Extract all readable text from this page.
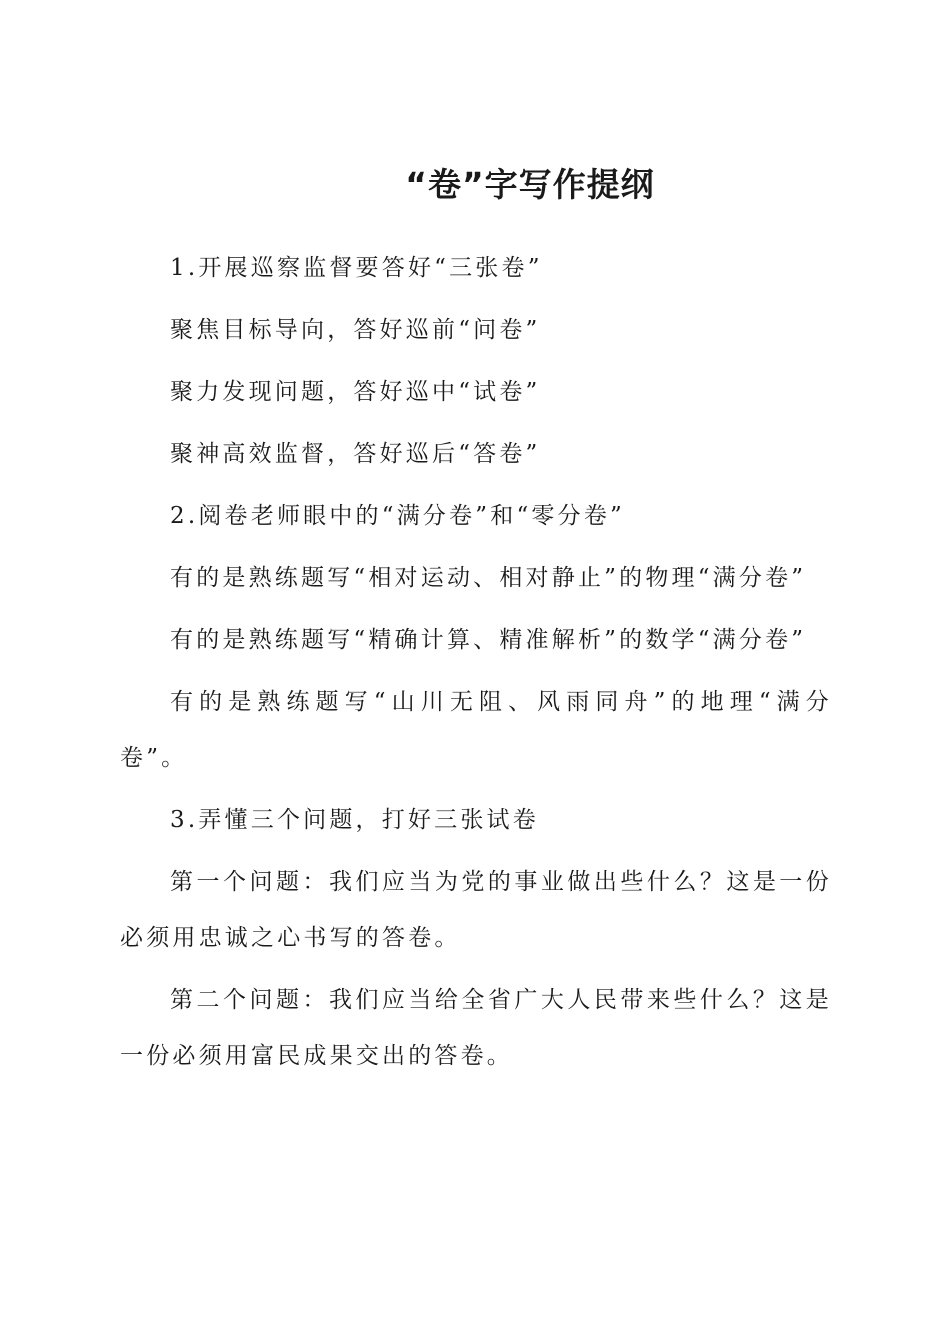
“卷”字写作提纲

1.开展巡察监督要答好“三张卷”

聚焦目标导向，答好巡前“问卷”

聚力发现问题，答好巡中“试卷”

聚神高效监督，答好巡后“答卷”

2.阅卷老师眼中的“满分卷”和“零分卷”

有的是熟练题写“相对运动、相对静止”的物理“满分卷”

有的是熟练题写“精确计算、精准解析”的数学“满分卷”

有的是熟练题写“山川无阻、风雨同舟”的地理“满分卷”。

3.弄懂三个问题，打好三张试卷

第一个问题：我们应当为党的事业做出些什么？这是一份必须用忠诚之心书写的答卷。

第二个问题：我们应当给全省广大人民带来些什么？这是一份必须用富民成果交出的答卷。
